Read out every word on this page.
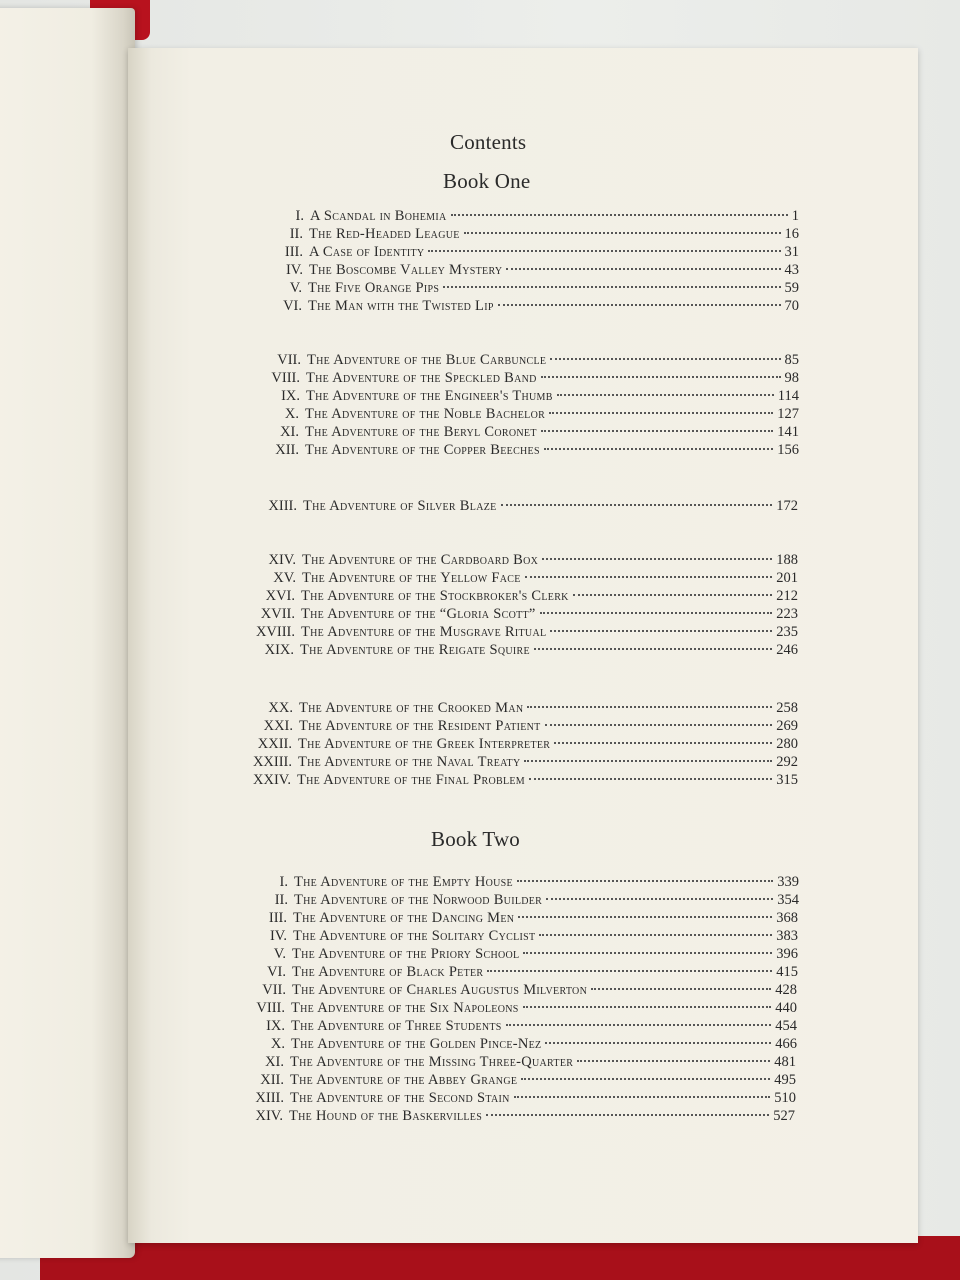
Contents
Book One
Book Two
I. A Scandal in Bohemia	1
II. The Red-Headed League	16
III. A Case of Identity	31
IV. The Boscombe Valley Mystery	43
V. The Five Orange Pips	59
VI. The Man with the Twisted Lip	70
VII. The Adventure of the Blue Carbuncle	85
VIII. The Adventure of the Speckled Band	98
IX. The Adventure of the Engineer's Thumb	114
X. The Adventure of the Noble Bachelor	127
XI. The Adventure of the Beryl Coronet	141
XII. The Adventure of the Copper Beeches	156
XIII. The Adventure of Silver Blaze	172
XIV. The Adventure of the Cardboard Box	188
XV. The Adventure of the Yellow Face	201
XVI. The Adventure of the Stockbroker's Clerk	212
XVII. The Adventure of the “Gloria Scott”	223
XVIII. The Adventure of the Musgrave Ritual	235
XIX. The Adventure of the Reigate Squire	246
XX. The Adventure of the Crooked Man	258
XXI. The Adventure of the Resident Patient	269
XXII. The Adventure of the Greek Interpreter	280
XXIII. The Adventure of the Naval Treaty	292
XXIV. The Adventure of the Final Problem	315
I. The Adventure of the Empty House	339
II. The Adventure of the Norwood Builder	354
III. The Adventure of the Dancing Men	368
IV. The Adventure of the Solitary Cyclist	383
V. The Adventure of the Priory School	396
VI. The Adventure of Black Peter	415
VII. The Adventure of Charles Augustus Milverton	428
VIII. The Adventure of the Six Napoleons	440
IX. The Adventure of Three Students	454
X. The Adventure of the Golden Pince-Nez	466
XI. The Adventure of the Missing Three-Quarter	481
XII. The Adventure of the Abbey Grange	495
XIII. The Adventure of the Second Stain	510
XIV. The Hound of the Baskervilles	527
